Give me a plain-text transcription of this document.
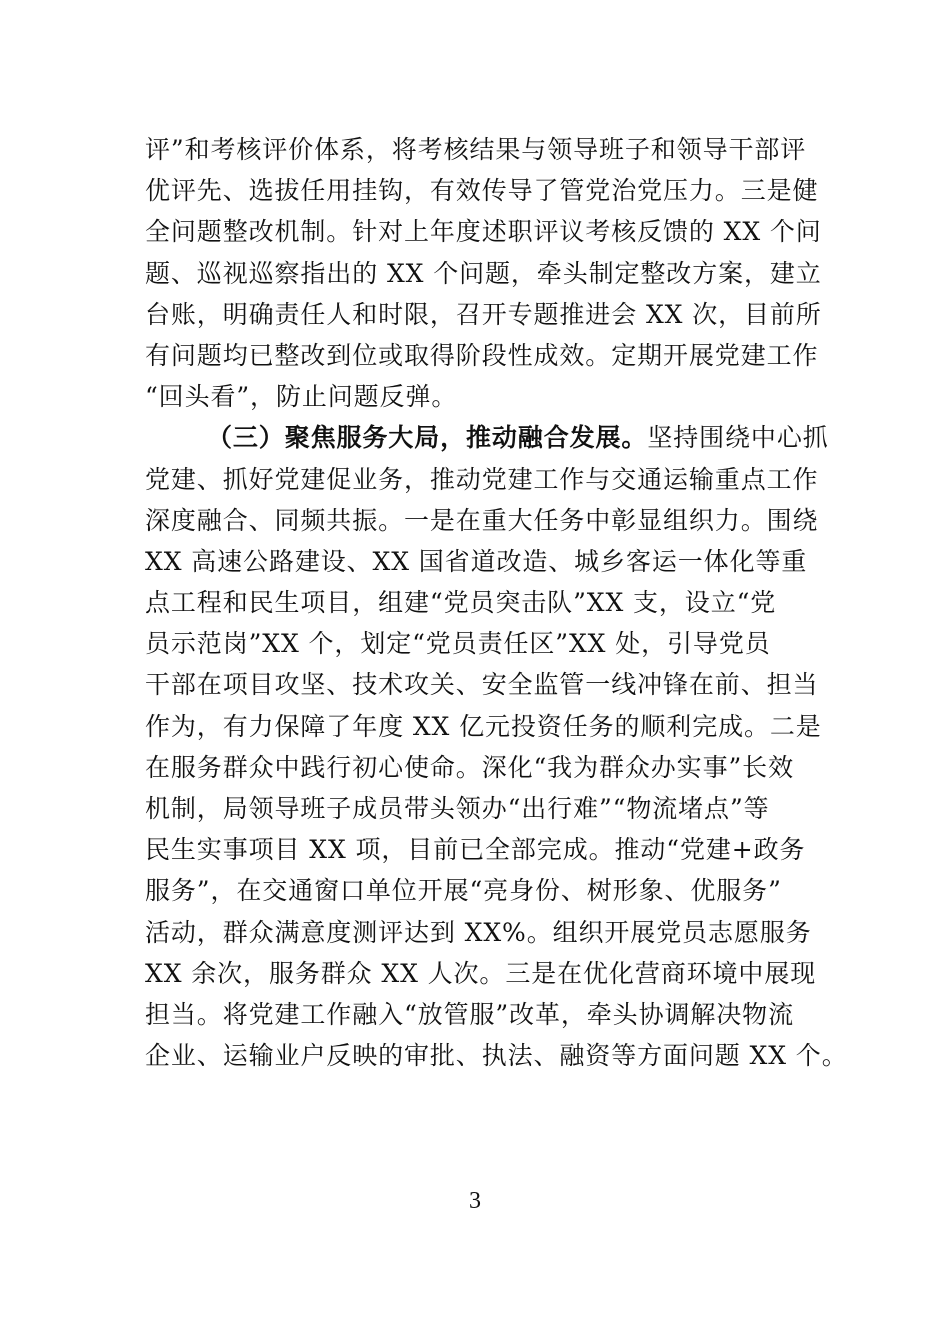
评”和考核评价体系，将考核结果与领导班子和领导干部评
优评先、选拔任用挂钩，有效传导了管党治党压力。三是健
全问题整改机制。针对上年度述职评议考核反馈的 XX 个问
题、巡视巡察指出的 XX 个问题，牵头制定整改方案，建立
台账，明确责任人和时限，召开专题推进会 XX 次，目前所
有问题均已整改到位或取得阶段性成效。定期开展党建工作
“回头看”，防止问题反弹。
（三）聚焦服务大局，推动融合发展。坚持围绕中心抓
党建、抓好党建促业务，推动党建工作与交通运输重点工作
深度融合、同频共振。一是在重大任务中彰显组织力。围绕
XX 高速公路建设、XX 国省道改造、城乡客运一体化等重
点工程和民生项目，组建“党员突击队”XX 支，设立“党
员示范岗”XX 个，划定“党员责任区”XX 处，引导党员
干部在项目攻坚、技术攻关、安全监管一线冲锋在前、担当
作为，有力保障了年度 XX 亿元投资任务的顺利完成。二是
在服务群众中践行初心使命。深化“我为群众办实事”长效
机制，局领导班子成员带头领办“出行难”“物流堵点”等
民生实事项目 XX 项，目前已全部完成。推动“党建+政务
服务”，在交通窗口单位开展“亮身份、树形象、优服务”
活动，群众满意度测评达到 XX%。组织开展党员志愿服务
XX 余次，服务群众 XX 人次。三是在优化营商环境中展现
担当。将党建工作融入“放管服”改革，牵头协调解决物流
企业、运输业户反映的审批、执法、融资等方面问题 XX 个。
3
